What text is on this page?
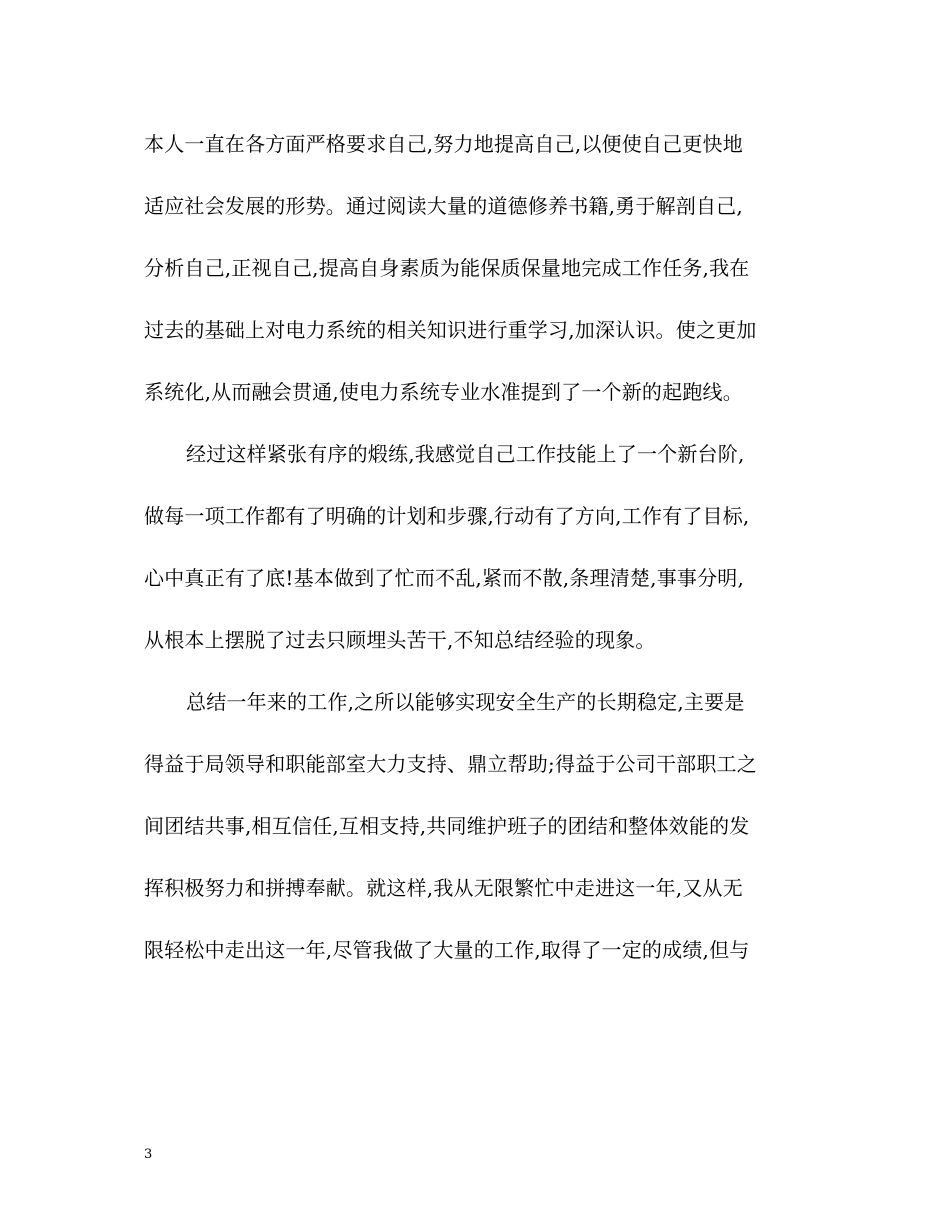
本人一直在各方面严格要求自己,努力地提高自己,以便使自己更快地
适应社会发展的形势。通过阅读大量的道德修养书籍,勇于解剖自己,
分析自己,正视自己,提高自身素质为能保质保量地完成工作任务,我在
过去的基础上对电力系统的相关知识进行重学习,加深认识。使之更加
系统化,从而融会贯通,使电力系统专业水准提到了一个新的起跑线。
经过这样紧张有序的煅练,我感觉自己工作技能上了一个新台阶,
做每一项工作都有了明确的计划和步骤,行动有了方向,工作有了目标,
心中真正有了底!基本做到了忙而不乱,紧而不散,条理清楚,事事分明,
从根本上摆脱了过去只顾埋头苦干,不知总结经验的现象。
总结一年来的工作,之所以能够实现安全生产的长期稳定,主要是
得益于局领导和职能部室大力支持、鼎立帮助;得益于公司干部职工之
间团结共事,相互信任,互相支持,共同维护班子的团结和整体效能的发
挥积极努力和拼搏奉献。就这样,我从无限繁忙中走进这一年,又从无
限轻松中走出这一年,尽管我做了大量的工作,取得了一定的成绩,但与
3
